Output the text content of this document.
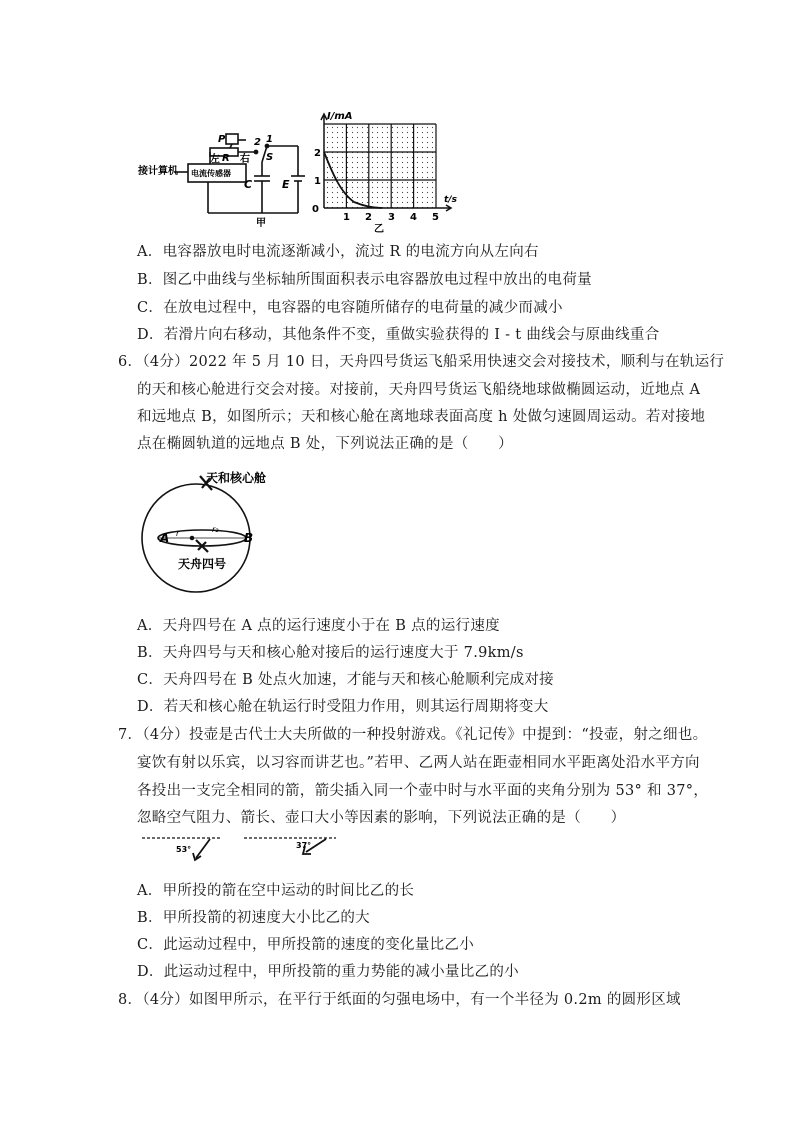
接计算机 电流传感器
P
左 R 右
2 1
S
C	E
甲
I/mA
t/s
0
1
2
1 2 3 4 5
乙
A．电容器放电时电流逐渐减小，流过 R 的电流方向从左向右
B．图乙中曲线与坐标轴所围面积表示电容器放电过程中放出的电荷量
C．在放电过程中，电容器的电容随所储存的电荷量的减少而减小
D．若滑片向右移动，其他条件不变，重做实验获得的 I - t 曲线会与原曲线重合
6．（4分）2022 年 5 月 10 日，天舟四号货运飞船采用快速交会对接技术，顺利与在轨运行
的天和核心舱进行交会对接。对接前，天舟四号货运飞船绕地球做椭圆运动，近地点 A
和远地点 B，如图所示；天和核心舱在离地球表面高度 h 处做匀速圆周运动。若对接地
点在椭圆轨道的远地点 B 处，下列说法正确的是（　　）
天和核心舱
天舟四号
A	B
r	r₂
A．天舟四号在 A 点的运行速度小于在 B 点的运行速度
B．天舟四号与天和核心舱对接后的运行速度大于 7.9km/s
C．天舟四号在 B 处点火加速，才能与天和核心舱顺利完成对接
D．若天和核心舱在轨运行时受阻力作用，则其运行周期将变大
7．（4分）投壶是古代士大夫所做的一种投射游戏。《礼记传》中提到：“投壶，射之细也。
宴饮有射以乐宾，以习容而讲艺也。”若甲、乙两人站在距壶相同水平距离处沿水平方向
各投出一支完全相同的箭，箭尖插入同一个壶中时与水平面的夹角分别为 53° 和 37°，
忽略空气阻力、箭长、壶口大小等因素的影响，下列说法正确的是（　　）
53°	37°
A．甲所投的箭在空中运动的时间比乙的长
B．甲所投箭的初速度大小比乙的大
C．此运动过程中，甲所投箭的速度的变化量比乙小
D．此运动过程中，甲所投箭的重力势能的减小量比乙的小
8．（4分）如图甲所示，在平行于纸面的匀强电场中，有一个半径为 0.2m 的圆形区域
